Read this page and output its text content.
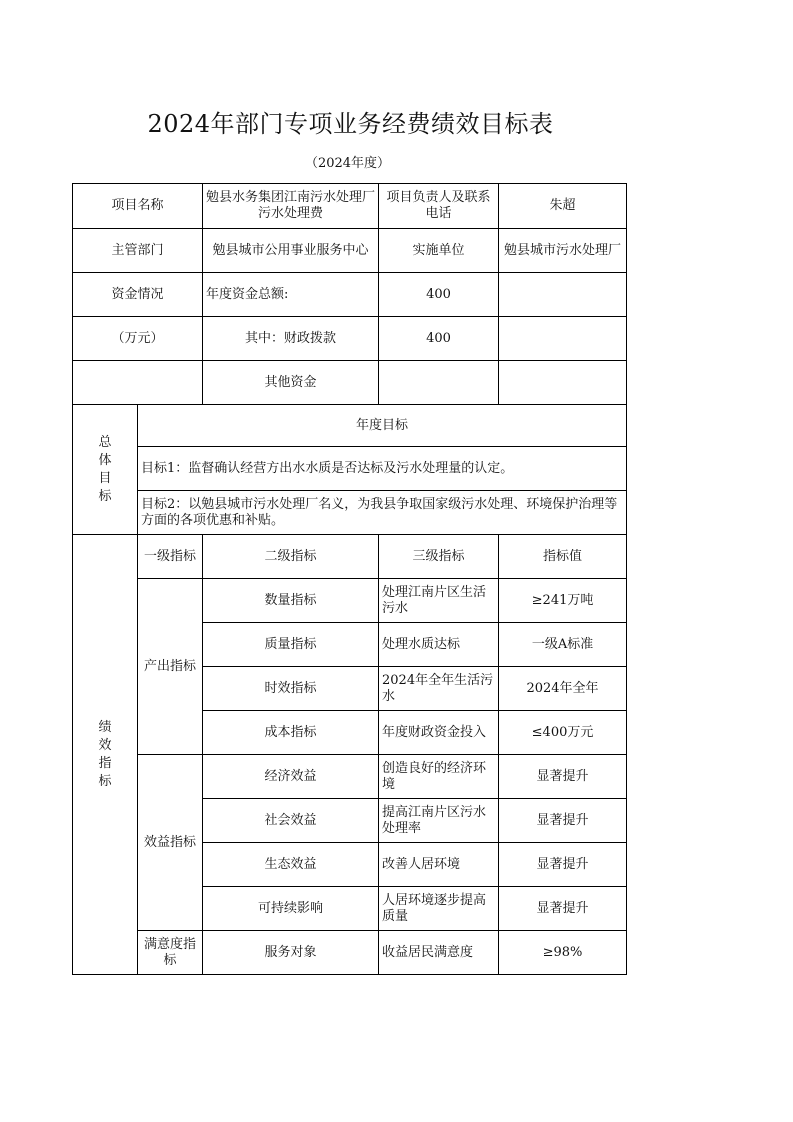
2024年部门专项业务经费绩效目标表
（2024年度）
项目名称		勉县水务集团江南污水处理厂污水处理费	项目负责人及联系电话	朱超
主管部门		勉县城市公用事业服务中心	实施单位	勉县城市污水处理厂
资金情况		年度资金总额:	400	
（万元）		其中：财政拨款	400	
		其他资金		

总体目标	年度目标			
	目标1：监督确认经营方出水水质是否达标及污水处理量的认定。			
	目标2：以勉县城市污水处理厂名义，为我县争取国家级污水处理、环境保护治理等方面的各项优惠和补贴。			

绩效指标	一级指标	二级指标	三级指标	指标值
	产出指标	数量指标	处理江南片区生活污水	≥241万吨
		质量指标	处理水质达标	一级A标准
		时效指标	2024年全年生活污水	2024年全年
		成本指标	年度财政资金投入	≤400万元
	效益指标	经济效益	创造良好的经济环境	显著提升
		社会效益	提高江南片区污水处理率	显著提升
		生态效益	改善人居环境	显著提升
		可持续影响	人居环境逐步提高质量	显著提升
	满意度指标	服务对象	收益居民满意度	≥98%
